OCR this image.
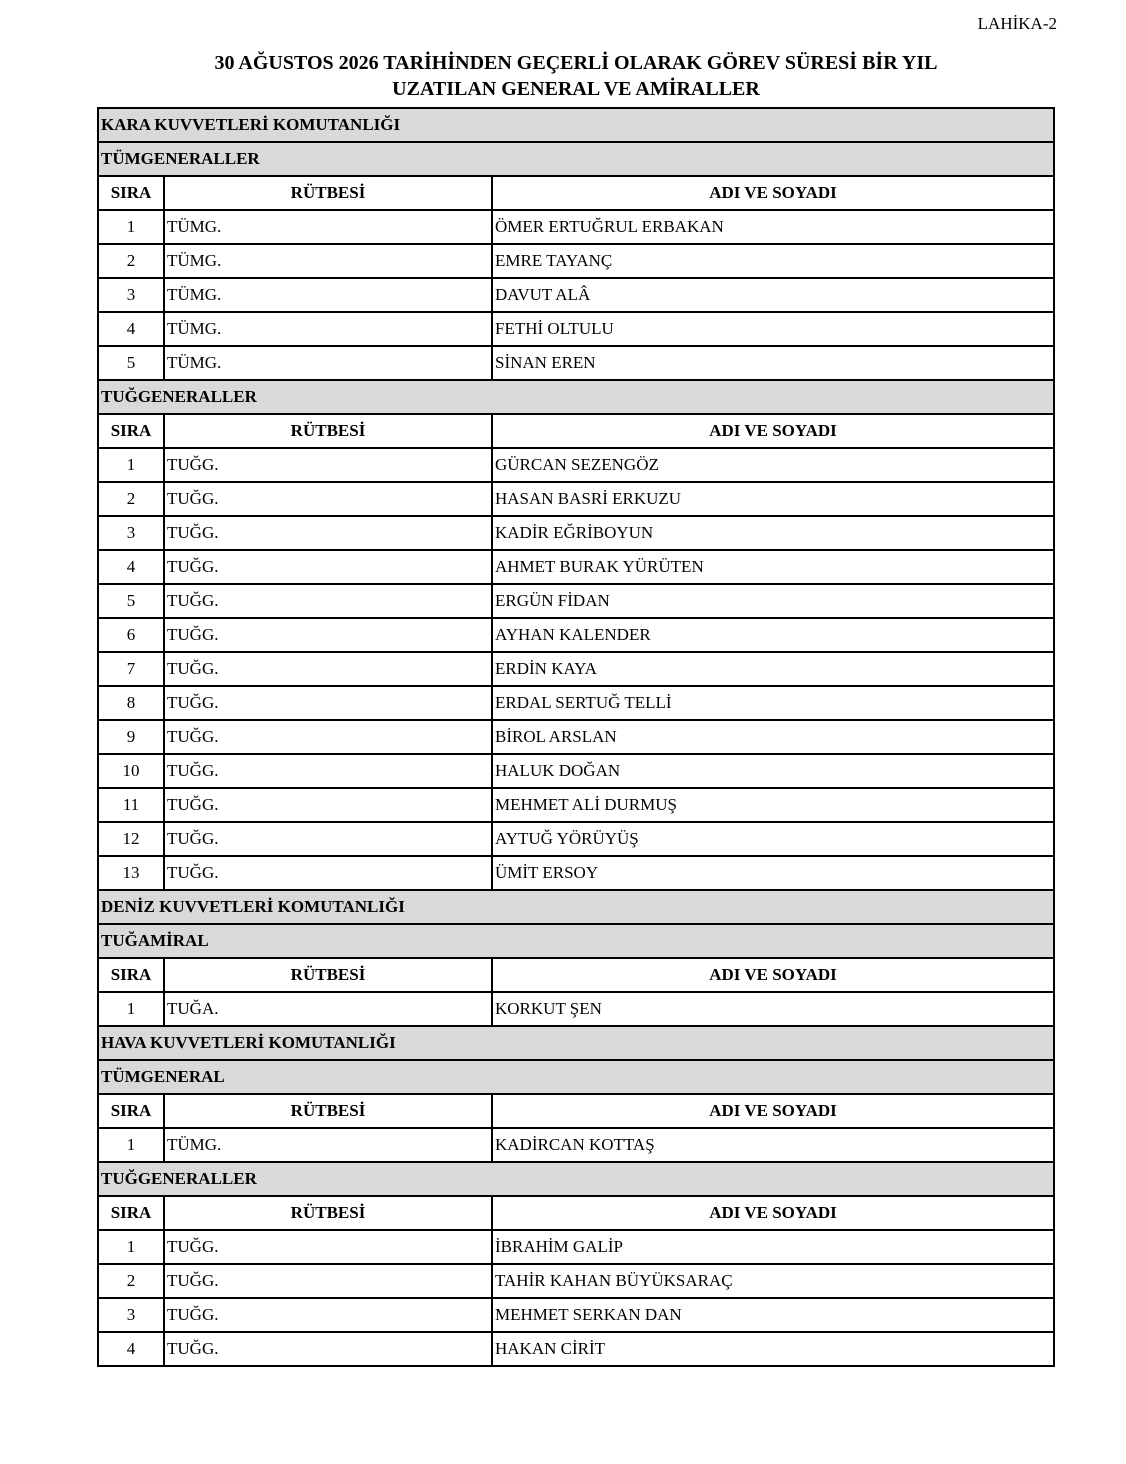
LAHİKA-2
30 AĞUSTOS 2026 TARİHİNDEN GEÇERLİ OLARAK GÖREV SÜRESİ BİR YIL
UZATILAN GENERAL VE AMİRALLER
KARA KUVVETLERİ KOMUTANLIĞI		
TÜMGENERALLER		
SIRA	RÜTBESİ	ADI VE SOYADI
1	TÜMG.	ÖMER ERTUĞRUL ERBAKAN
2	TÜMG.	EMRE TAYANÇ
3	TÜMG.	DAVUT ALÂ
4	TÜMG.	FETHİ OLTULU
5	TÜMG.	SİNAN EREN
TUĞGENERALLER		
SIRA	RÜTBESİ	ADI VE SOYADI
1	TUĞG.	GÜRCAN SEZENGÖZ
2	TUĞG.	HASAN BASRİ ERKUZU
3	TUĞG.	KADİR EĞRİBOYUN
4	TUĞG.	AHMET BURAK YÜRÜTEN
5	TUĞG.	ERGÜN FİDAN
6	TUĞG.	AYHAN KALENDER
7	TUĞG.	ERDİN KAYA
8	TUĞG.	ERDAL SERTUĞ TELLİ
9	TUĞG.	BİROL ARSLAN
10	TUĞG.	HALUK DOĞAN
11	TUĞG.	MEHMET ALİ DURMUŞ
12	TUĞG.	AYTUĞ YÖRÜYÜŞ
13	TUĞG.	ÜMİT ERSOY
DENİZ KUVVETLERİ KOMUTANLIĞI		
TUĞAMİRAL		
SIRA	RÜTBESİ	ADI VE SOYADI
1	TUĞA.	KORKUT ŞEN
HAVA KUVVETLERİ KOMUTANLIĞI		
TÜMGENERAL		
SIRA	RÜTBESİ	ADI VE SOYADI
1	TÜMG.	KADİRCAN KOTTAŞ
TUĞGENERALLER		
SIRA	RÜTBESİ	ADI VE SOYADI
1	TUĞG.	İBRAHİM GALİP
2	TUĞG.	TAHİR KAHAN BÜYÜKSARAÇ
3	TUĞG.	MEHMET SERKAN DAN
4	TUĞG.	HAKAN CİRİT
